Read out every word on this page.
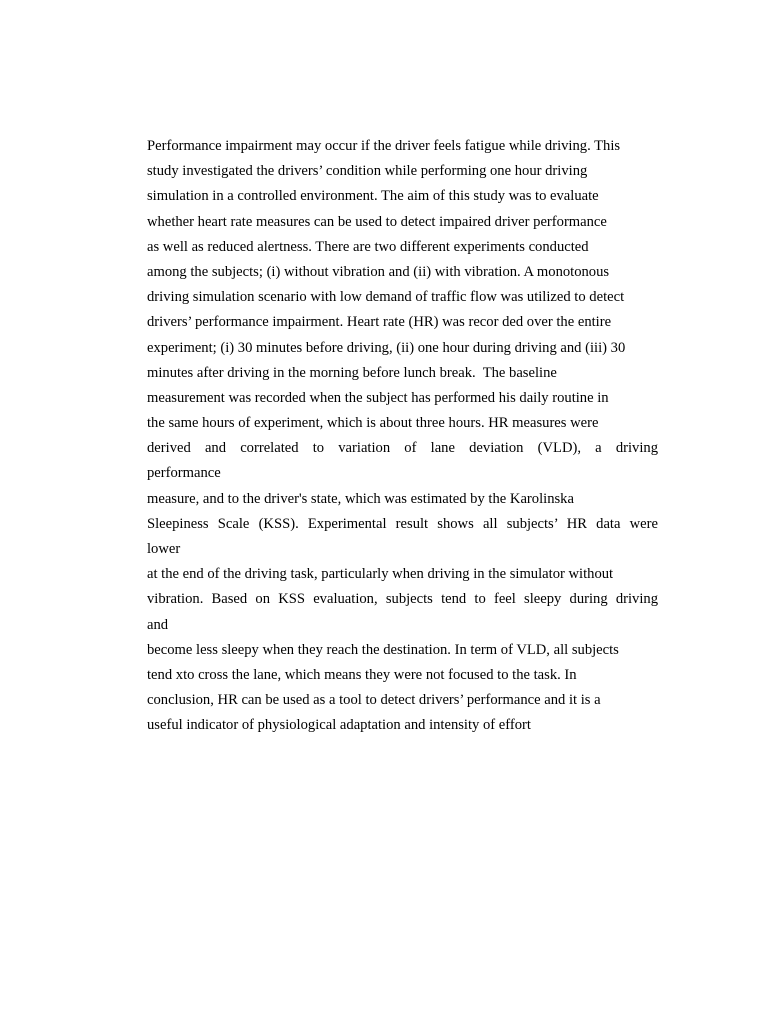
Performance impairment may occur if the driver feels fatigue while driving. This
study investigated the drivers’ condition while performing one hour driving
simulation in a controlled environment. The aim of this study was to evaluate
whether heart rate measures can be used to detect impaired driver performance
as well as reduced alertness. There are two different experiments conducted
among the subjects; (i) without vibration and (ii) with vibration. A monotonous
driving simulation scenario with low demand of traffic flow was utilized to detect
drivers’ performance impairment. Heart rate (HR) was recor ded over the entire
experiment; (i) 30 minutes before driving, (ii) one hour during driving and (iii) 30
minutes after driving in the morning before lunch break.  The baseline
measurement was recorded when the subject has performed his daily routine in
the same hours of experiment, which is about three hours. HR measures were
derived and correlated to variation of lane deviation (VLD), a driving
performance
measure, and to the driver's state, which was estimated by the Karolinska
Sleepiness Scale (KSS). Experimental result shows all subjects’ HR data were
lower
at the end of the driving task, particularly when driving in the simulator without
vibration. Based on KSS evaluation, subjects tend to feel sleepy during driving
and
become less sleepy when they reach the destination. In term of VLD, all subjects
tend xto cross the lane, which means they were not focused to the task. In
conclusion, HR can be used as a tool to detect drivers’ performance and it is a
useful indicator of physiological adaptation and intensity of effort
